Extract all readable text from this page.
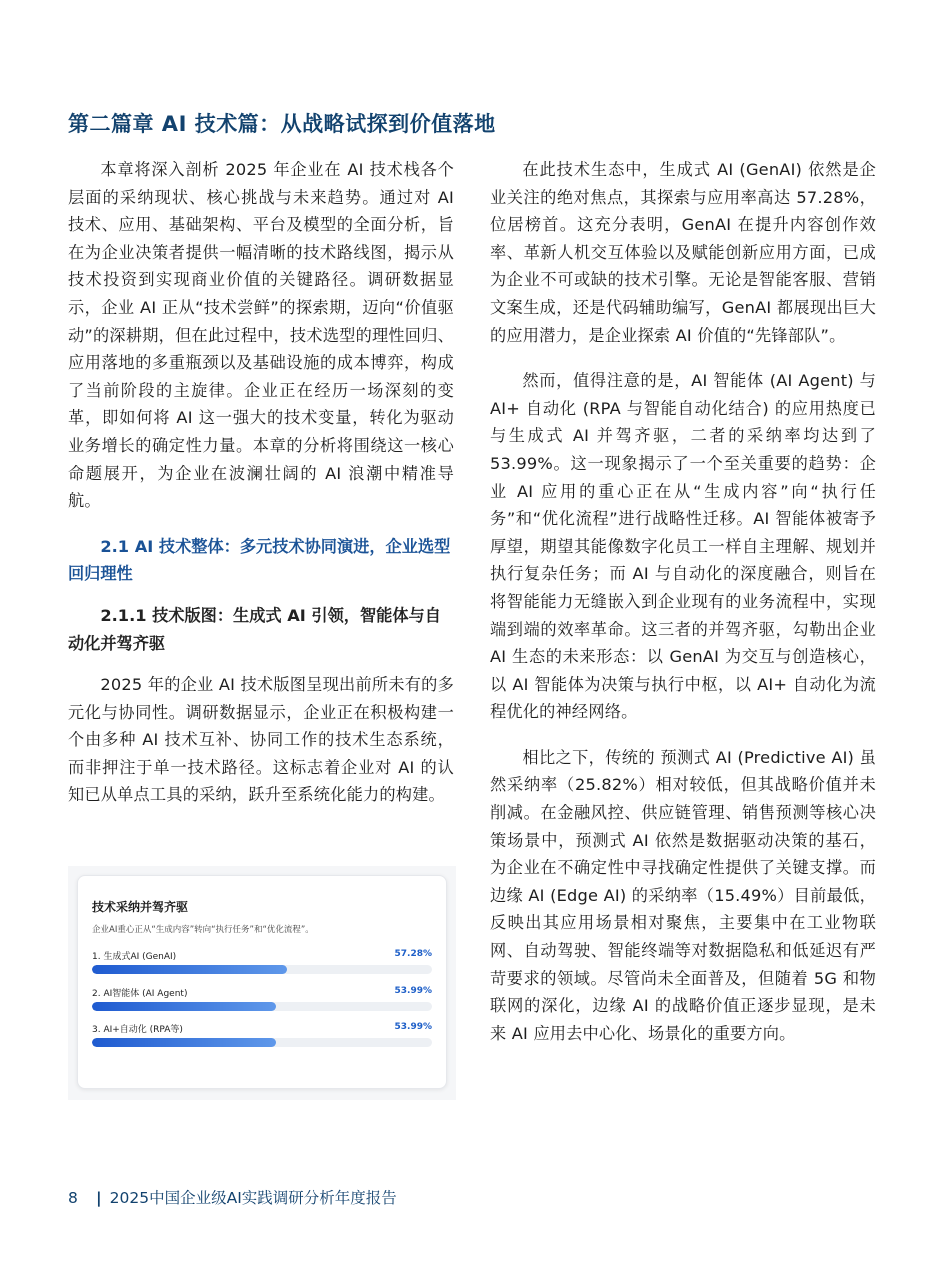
第二篇章 AI 技术篇：从战略试探到价值落地

本章将深入剖析 2025 年企业在 AI 技术栈各个层面的采纳现状、核心挑战与未来趋势。通过对 AI 技术、应用、基础架构、平台及模型的全面分析，旨在为企业决策者提供一幅清晰的技术路线图，揭示从技术投资到实现商业价值的关键路径。调研数据显示，企业 AI 正从“技术尝鲜”的探索期，迈向“价值驱动”的深耕期，但在此过程中，技术选型的理性回归、应用落地的多重瓶颈以及基础设施的成本博弈，构成了当前阶段的主旋律。企业正在经历一场深刻的变革，即如何将 AI 这一强大的技术变量，转化为驱动业务增长的确定性力量。本章的分析将围绕这一核心命题展开，为企业在波澜壮阔的 AI 浪潮中精准导航。

2.1 AI 技术整体：多元技术协同演进，企业选型回归理性

2.1.1 技术版图：生成式 AI 引领，智能体与自动化并驾齐驱

2025 年的企业 AI 技术版图呈现出前所未有的多元化与协同性。调研数据显示，企业正在积极构建一个由多种 AI 技术互补、协同工作的技术生态系统，而非押注于单一技术路径。这标志着企业对 AI 的认知已从单点工具的采纳，跃升至系统化能力的构建。

技术采纳并驾齐驱
企业AI重心正从“生成内容”转向“执行任务”和“优化流程”。
1. 生成式AI (GenAI)	57.28%
2. AI智能体 (AI Agent)	53.99%
3. AI+自动化 (RPA等)	53.99%

在此技术生态中，生成式 AI (GenAI) 依然是企业关注的绝对焦点，其探索与应用率高达 57.28%，位居榜首。这充分表明，GenAI 在提升内容创作效率、革新人机交互体验以及赋能创新应用方面，已成为企业不可或缺的技术引擎。无论是智能客服、营销文案生成，还是代码辅助编写，GenAI 都展现出巨大的应用潜力，是企业探索 AI 价值的“先锋部队”。

然而，值得注意的是，AI 智能体 (AI Agent) 与 AI+ 自动化 (RPA 与智能自动化结合) 的应用热度已与生成式 AI 并驾齐驱，二者的采纳率均达到了 53.99%。这一现象揭示了一个至关重要的趋势：企业 AI 应用的重心正在从“生成内容”向“执行任务”和“优化流程”进行战略性迁移。AI 智能体被寄予厚望，期望其能像数字化员工一样自主理解、规划并执行复杂任务；而 AI 与自动化的深度融合，则旨在将智能能力无缝嵌入到企业现有的业务流程中，实现端到端的效率革命。这三者的并驾齐驱，勾勒出企业 AI 生态的未来形态：以 GenAI 为交互与创造核心，以 AI 智能体为决策与执行中枢，以 AI+ 自动化为流程优化的神经网络。

相比之下，传统的 预测式 AI (Predictive AI) 虽然采纳率（25.82%）相对较低，但其战略价值并未削减。在金融风控、供应链管理、销售预测等核心决策场景中，预测式 AI 依然是数据驱动决策的基石，为企业在不确定性中寻找确定性提供了关键支撑。而边缘 AI (Edge AI) 的采纳率（15.49%）目前最低，反映出其应用场景相对聚焦，主要集中在工业物联网、自动驾驶、智能终端等对数据隐私和低延迟有严苛要求的领域。尽管尚未全面普及，但随着 5G 和物联网的深化，边缘 AI 的战略价值正逐步显现，是未来 AI 应用去中心化、场景化的重要方向。

8 | 2025中国企业级AI实践调研分析年度报告
